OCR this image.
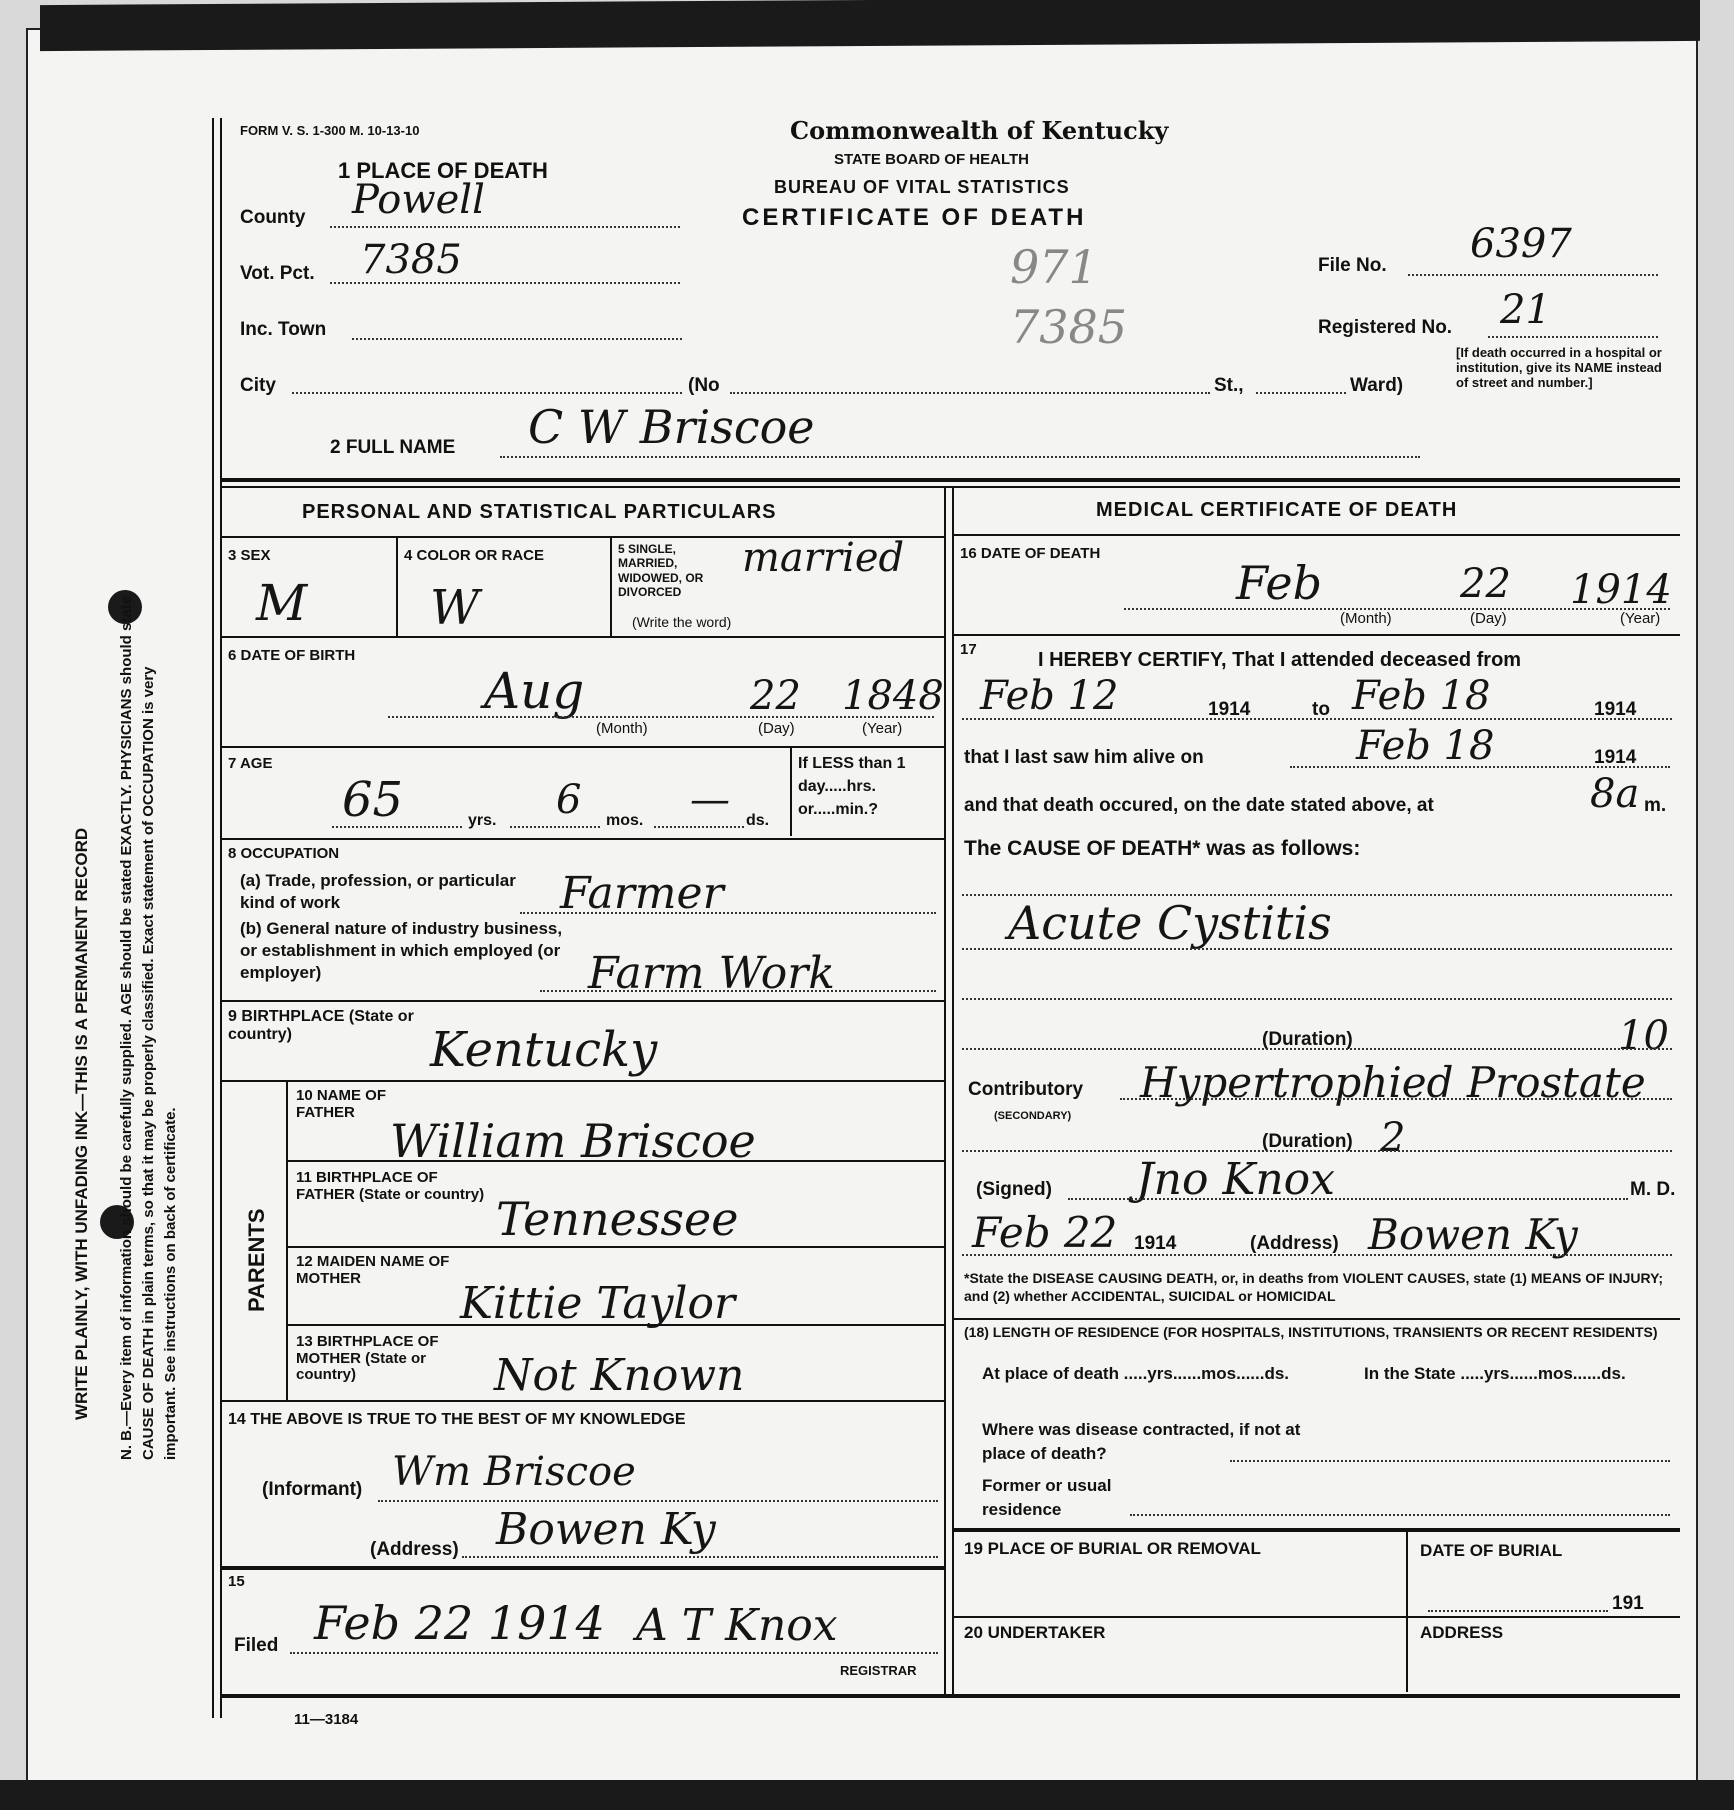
WRITE PLAINLY, WITH UNFADING INK—THIS IS A PERMANENT RECORD N. B.—Every item of information should be carefully supplied. AGE should be stated EXACTLY. PHYSICIANS should state CAUSE OF DEATH in plain terms, so that it may be properly classified. Exact statement of OCCUPATION is very important. See instructions on back of certificate.
FORM V. S. 1-300 M. 10-13-10	Commonwealth of Kentucky
STATE BOARD OF HEALTH
BUREAU OF VITAL STATISTICS
CERTIFICATE OF DEATH
1 PLACE OF DEATH
County Powell
Vot. Pct. 7385
Inc. Town
City	(No	St.,	Ward)
971
7385
File No. 6397
Registered No. 21
[If death occurred in a hospital or institution, give its NAME instead of street and number.]
2 FULL NAME C W Briscoe
PERSONAL AND STATISTICAL PARTICULARS
3 SEX
M
4 COLOR OR RACE
W
5 SINGLE, MARRIED, WIDOWED, OR DIVORCED
(Write the word)
married
6 DATE OF BIRTH
Aug	22 1848
(Month)	(Day)	(Year)
7 AGE
65	yrs. 6 mos. — ds.
If LESS than 1 day.....hrs. or.....min.?
8 OCCUPATION
(a) Trade, profession, or particular kind of work	Farmer
(b) General nature of industry business, or establishment in which employed (or employer)	Farm Work
9 BIRTHPLACE (State or country)	Kentucky
PARENTS
10 NAME OF FATHER
William Briscoe
11 BIRTHPLACE OF FATHER (State or country) Tennessee
12 MAIDEN NAME OF MOTHER	Kittie Taylor
13 BIRTHPLACE OF MOTHER (State or country)	Not Known
14 THE ABOVE IS TRUE TO THE BEST OF MY KNOWLEDGE
(Informant) Wm Briscoe
(Address) Bowen Ky
15
Filed Feb 22 1914 A T Knox
REGISTRAR
11—3184
MEDICAL CERTIFICATE OF DEATH
16 DATE OF DEATH
Feb	22 1914
(Month)	(Day)	(Year)
17	I HEREBY CERTIFY, That I attended deceased from
Feb 12	1914	to Feb 18	1914
that I last saw him alive on	Feb 18	1914
and that death occured, on the date stated above, at	8a m.
The CAUSE OF DEATH* was as follows:
Acute Cystitis
(Duration)	10
Contributory
(SECONDARY)
Hypertrophied Prostate
(Duration) 2
(Signed) Jno Knox	M. D.
Feb 22 1914	(Address) Bowen Ky
*State the DISEASE CAUSING DEATH, or, in deaths from VIOLENT CAUSES, state (1) MEANS OF INJURY; and (2) whether ACCIDENTAL, SUICIDAL or HOMICIDAL
(18) LENGTH OF RESIDENCE (FOR HOSPITALS, INSTITUTIONS, TRANSIENTS OR RECENT RESIDENTS)
At place of death .....yrs......mos......ds.	In the State .....yrs......mos......ds.
Where was disease contracted, if not at place of death?
Former or usual residence
19 PLACE OF BURIAL OR REMOVAL	DATE OF BURIAL
191
20 UNDERTAKER	ADDRESS
